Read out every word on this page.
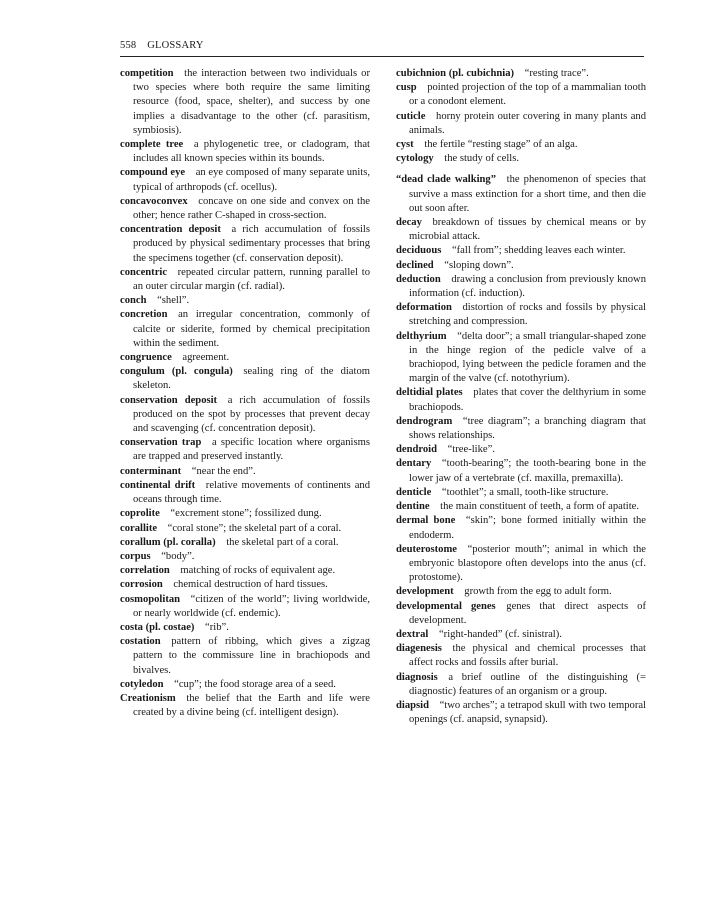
558 GLOSSARY

competition  the interaction between two individuals or two species where both require the same limiting resource (food, space, shelter), and success by one implies a disadvantage to the other (cf. parasitism, symbiosis).

complete tree  a phylogenetic tree, or cladogram, that includes all known species within its bounds.

compound eye  an eye composed of many separate units, typical of arthropods (cf. ocellus).

concavoconvex  concave on one side and convex on the other; hence rather C-shaped in cross-section.

concentration deposit  a rich accumulation of fossils produced by physical sedimentary processes that bring the specimens together (cf. conservation deposit).

concentric  repeated circular pattern, running parallel to an outer circular margin (cf. radial).

conch  “shell”.

concretion  an irregular concentration, commonly of calcite or siderite, formed by chemical precipitation within the sediment.

congruence  agreement.

congulum (pl. congula)  sealing ring of the diatom skeleton.

conservation deposit  a rich accumulation of fossils produced on the spot by processes that prevent decay and scavenging (cf. concentration deposit).

conservation trap  a specific location where organisms are trapped and preserved instantly.

conterminant  “near the end”.

continental drift  relative movements of continents and oceans through time.

coprolite  “excrement stone”; fossilized dung.

corallite  “coral stone”; the skeletal part of a coral.

corallum (pl. coralla)  the skeletal part of a coral.

corpus  “body”.

correlation  matching of rocks of equivalent age.

corrosion  chemical destruction of hard tissues.

cosmopolitan  “citizen of the world”; living worldwide, or nearly worldwide (cf. endemic).

costa (pl. costae)  “rib”.

costation  pattern of ribbing, which gives a zigzag pattern to the commissure line in brachiopods and bivalves.

cotyledon  “cup”; the food storage area of a seed.

Creationism  the belief that the Earth and life were created by a divine being (cf. intelligent design).

cubichnion (pl. cubichnia)  “resting trace”.

cusp  pointed projection of the top of a mammalian tooth or a conodont element.

cuticle  horny protein outer covering in many plants and animals.

cyst  the fertile “resting stage” of an alga.

cytology  the study of cells.

“dead clade walking”  the phenomenon of species that survive a mass extinction for a short time, and then die out soon after.

decay  breakdown of tissues by chemical means or by microbial attack.

deciduous  “fall from”; shedding leaves each winter.

declined  “sloping down”.

deduction  drawing a conclusion from previously known information (cf. induction).

deformation  distortion of rocks and fossils by physical stretching and compression.

delthyrium  “delta door”; a small triangular-shaped zone in the hinge region of the pedicle valve of a brachiopod, lying between the pedicle foramen and the margin of the valve (cf. notothyrium).

deltidial plates  plates that cover the delthyrium in some brachiopods.

dendrogram  “tree diagram”; a branching diagram that shows relationships.

dendroid  “tree-like”.

dentary  “tooth-bearing”; the tooth-bearing bone in the lower jaw of a vertebrate (cf. maxilla, premaxilla).

denticle  “toothlet”; a small, tooth-like structure.

dentine  the main constituent of teeth, a form of apatite.

dermal bone  “skin”; bone formed initially within the endoderm.

deuterostome  “posterior mouth”; animal in which the embryonic blastopore often develops into the anus (cf. protostome).

development  growth from the egg to adult form.

developmental genes  genes that direct aspects of development.

dextral  “right-handed” (cf. sinistral).

diagenesis  the physical and chemical processes that affect rocks and fossils after burial.

diagnosis  a brief outline of the distinguishing (= diagnostic) features of an organism or a group.

diapsid  “two arches”; a tetrapod skull with two temporal openings (cf. anapsid, synapsid).
